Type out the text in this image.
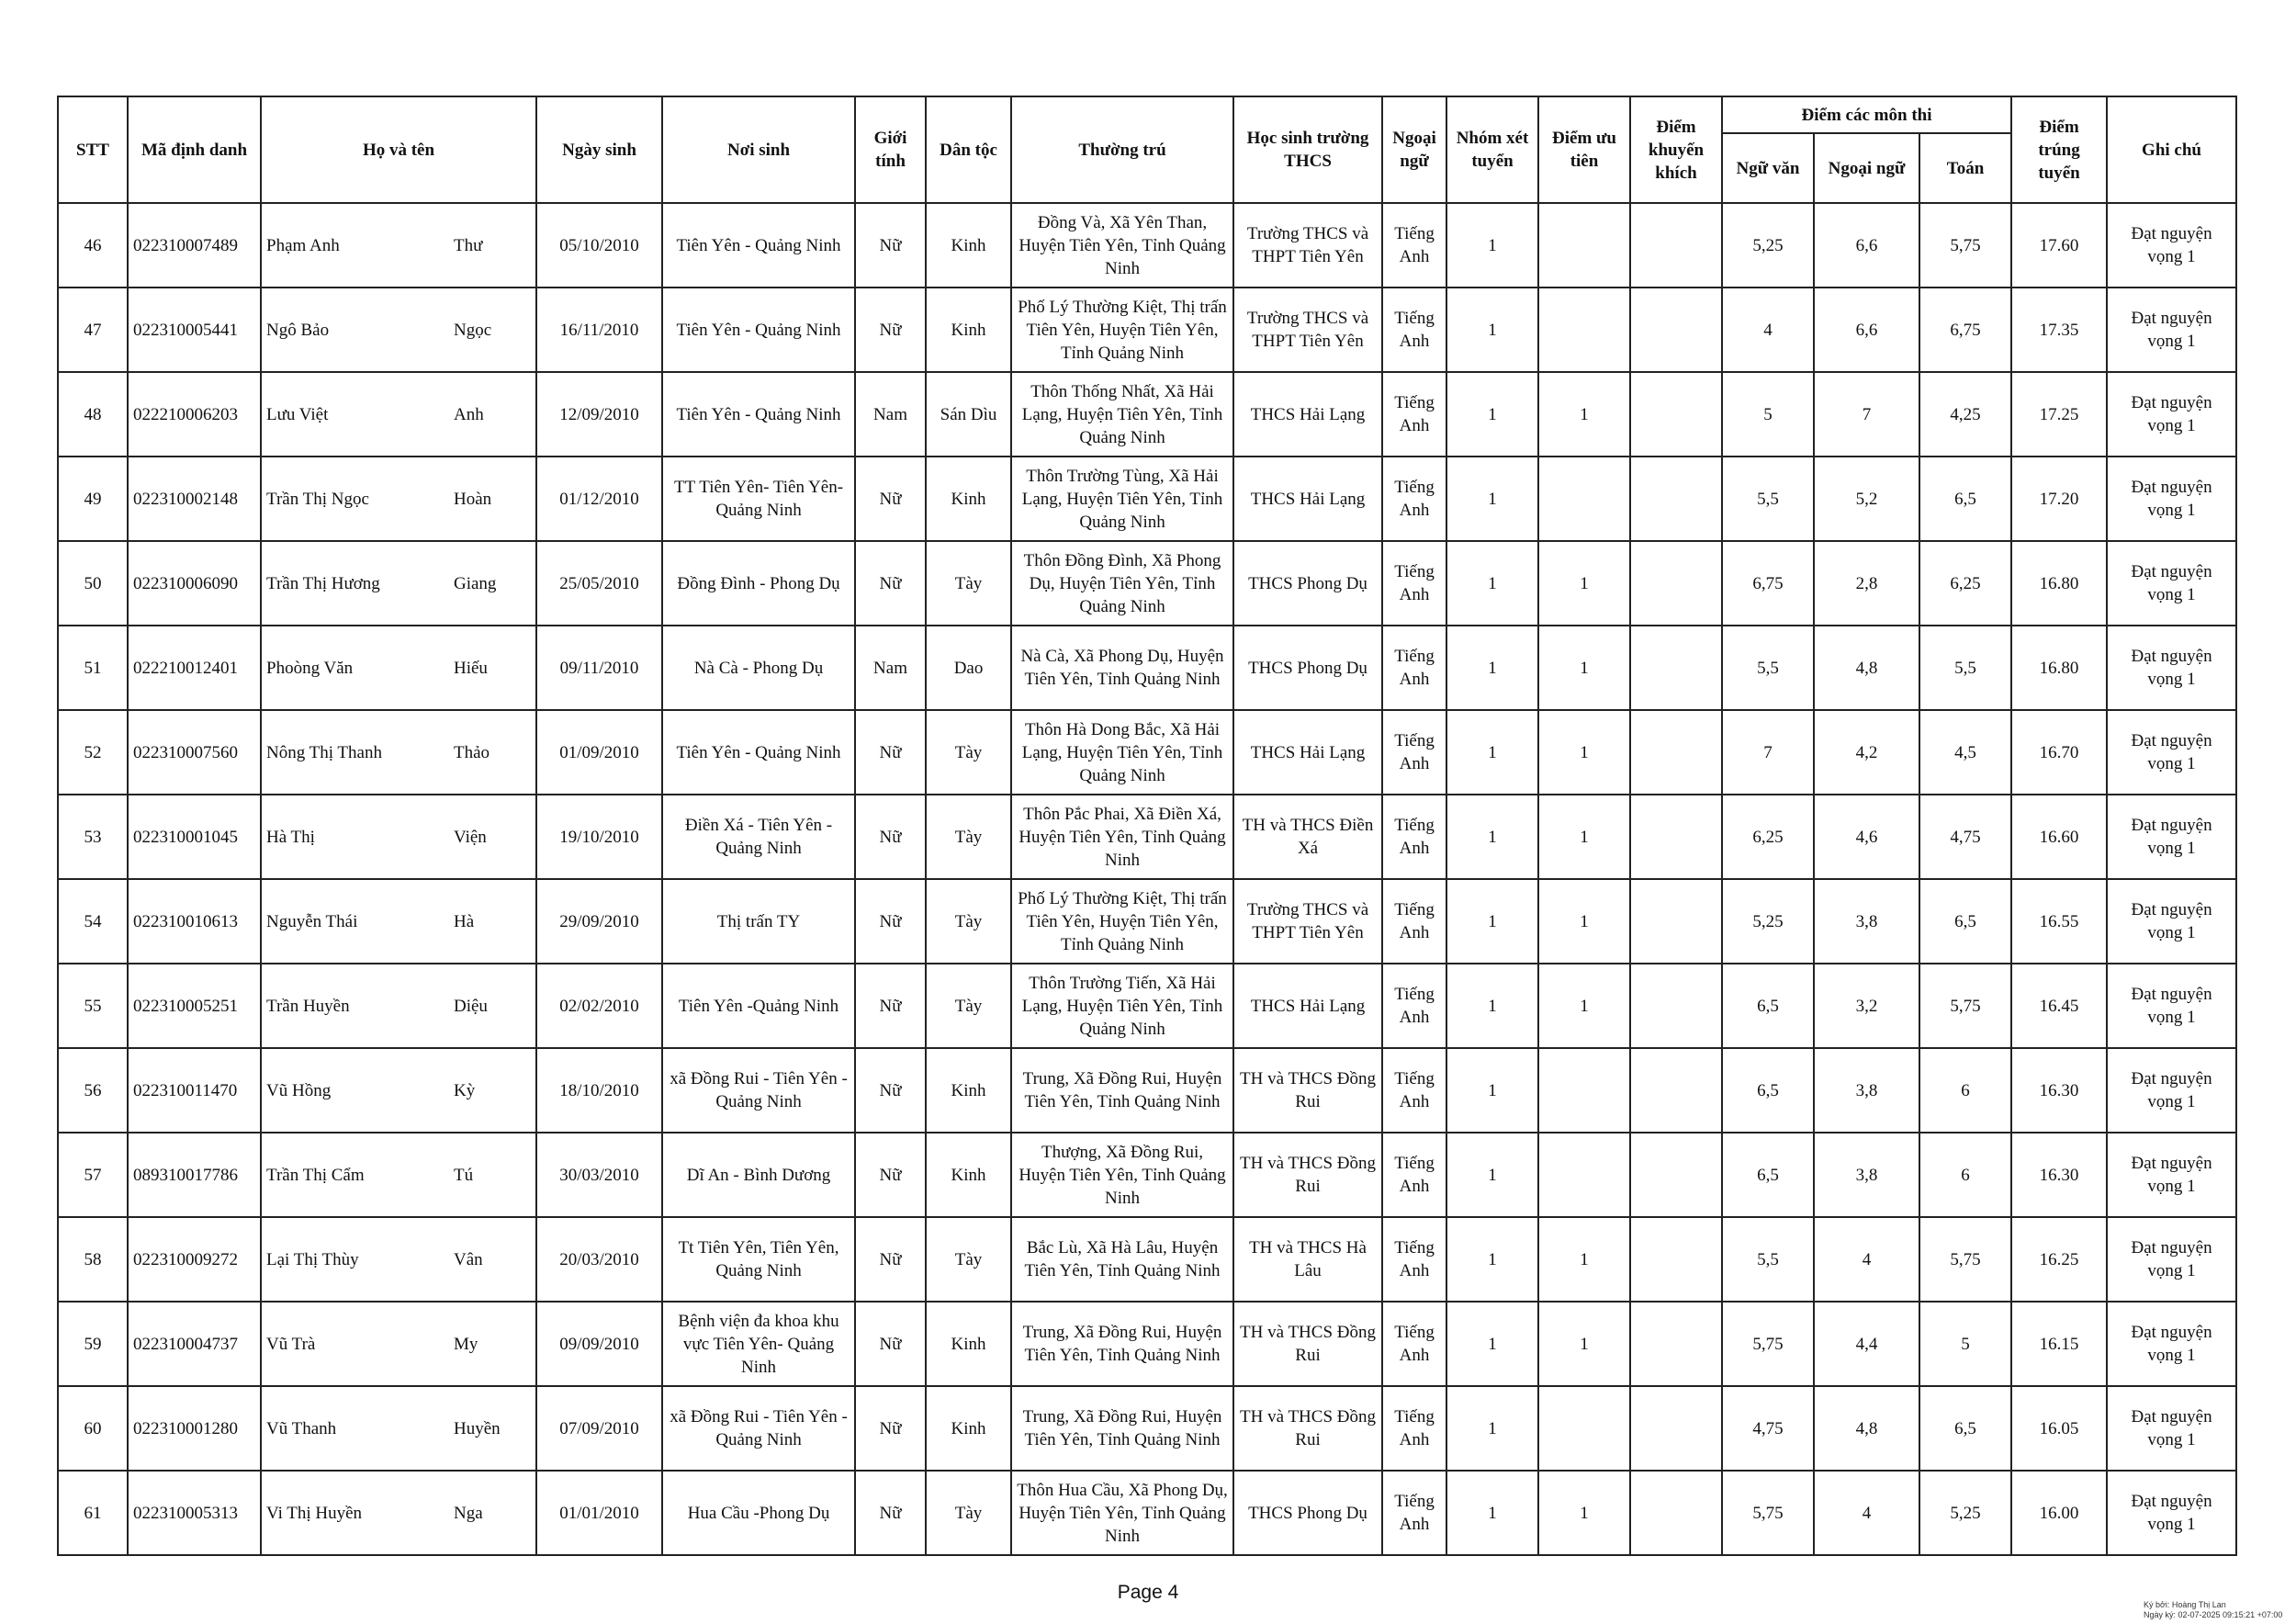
STT	Mã định danh	Họ và tên		Ngày sinh	Nơi sinh	Giới tính	Dân tộc	Thường trú	Học sinh trường THCS	Ngoại ngữ	Nhóm xét tuyển	Điểm ưu tiên	Điểm khuyến khích	Điểm các môn thi			Điểm trúng tuyển	Ghi chú
														Ngữ văn	Ngoại ngữ	Toán		
46	022310007489	Phạm Anh	Thư	05/10/2010	Tiên Yên - Quảng Ninh	Nữ	Kinh	Đồng Và, Xã Yên Than, Huyện Tiên Yên, Tỉnh Quảng Ninh	Trường THCS và THPT Tiên Yên	Tiếng Anh	1			5,25	6,6	5,75	17.60	Đạt nguyện vọng 1
47	022310005441	Ngô Bảo	Ngọc	16/11/2010	Tiên Yên - Quảng Ninh	Nữ	Kinh	Phố Lý Thường Kiệt, Thị trấn Tiên Yên, Huyện Tiên Yên, Tỉnh Quảng Ninh	Trường THCS và THPT Tiên Yên	Tiếng Anh	1			4	6,6	6,75	17.35	Đạt nguyện vọng 1
48	022210006203	Lưu Việt	Anh	12/09/2010	Tiên Yên - Quảng Ninh	Nam	Sán Dìu	Thôn Thống Nhất, Xã Hải Lạng, Huyện Tiên Yên, Tỉnh Quảng Ninh	THCS Hải Lạng	Tiếng Anh	1	1		5	7	4,25	17.25	Đạt nguyện vọng 1
49	022310002148	Trần Thị Ngọc	Hoàn	01/12/2010	TT Tiên Yên- Tiên Yên- Quảng Ninh	Nữ	Kinh	Thôn Trường Tùng, Xã Hải Lạng, Huyện Tiên Yên, Tỉnh Quảng Ninh	THCS Hải Lạng	Tiếng Anh	1			5,5	5,2	6,5	17.20	Đạt nguyện vọng 1
50	022310006090	Trần Thị Hương	Giang	25/05/2010	Đồng Đình - Phong Dụ	Nữ	Tày	Thôn Đồng Đình, Xã Phong Dụ, Huyện Tiên Yên, Tỉnh Quảng Ninh	THCS Phong Dụ	Tiếng Anh	1	1		6,75	2,8	6,25	16.80	Đạt nguyện vọng 1
51	022210012401	Phoòng Văn	Hiếu	09/11/2010	Nà Cà - Phong Dụ	Nam	Dao	Nà Cà, Xã Phong Dụ, Huyện Tiên Yên, Tỉnh Quảng Ninh	THCS Phong Dụ	Tiếng Anh	1	1		5,5	4,8	5,5	16.80	Đạt nguyện vọng 1
52	022310007560	Nông Thị Thanh	Thảo	01/09/2010	Tiên Yên - Quảng Ninh	Nữ	Tày	Thôn Hà Dong Bắc, Xã Hải Lạng, Huyện Tiên Yên, Tỉnh Quảng Ninh	THCS Hải Lạng	Tiếng Anh	1	1		7	4,2	4,5	16.70	Đạt nguyện vọng 1
53	022310001045	Hà Thị	Viện	19/10/2010	Điền Xá - Tiên Yên - Quảng Ninh	Nữ	Tày	Thôn Pắc Phai, Xã Điền Xá, Huyện Tiên Yên, Tỉnh Quảng Ninh	TH và THCS Điền Xá	Tiếng Anh	1	1		6,25	4,6	4,75	16.60	Đạt nguyện vọng 1
54	022310010613	Nguyễn Thái	Hà	29/09/2010	Thị trấn TY	Nữ	Tày	Phố Lý Thường Kiệt, Thị trấn Tiên Yên, Huyện Tiên Yên, Tỉnh Quảng Ninh	Trường THCS và THPT Tiên Yên	Tiếng Anh	1	1		5,25	3,8	6,5	16.55	Đạt nguyện vọng 1
55	022310005251	Trần Huyền	Diệu	02/02/2010	Tiên Yên -Quảng Ninh	Nữ	Tày	Thôn Trường Tiến, Xã Hải Lạng, Huyện Tiên Yên, Tỉnh Quảng Ninh	THCS Hải Lạng	Tiếng Anh	1	1		6,5	3,2	5,75	16.45	Đạt nguyện vọng 1
56	022310011470	Vũ Hồng	Kỳ	18/10/2010	xã Đồng Rui - Tiên Yên - Quảng Ninh	Nữ	Kinh	Trung, Xã Đồng Rui, Huyện Tiên Yên, Tỉnh Quảng Ninh	TH và THCS Đồng Rui	Tiếng Anh	1			6,5	3,8	6	16.30	Đạt nguyện vọng 1
57	089310017786	Trần Thị Cẩm	Tú	30/03/2010	Dĩ An - Bình Dương	Nữ	Kinh	Thượng, Xã Đồng Rui, Huyện Tiên Yên, Tỉnh Quảng Ninh	TH và THCS Đồng Rui	Tiếng Anh	1			6,5	3,8	6	16.30	Đạt nguyện vọng 1
58	022310009272	Lại Thị Thùy	Vân	20/03/2010	Tt Tiên Yên, Tiên Yên, Quảng Ninh	Nữ	Tày	Bắc Lù, Xã Hà Lâu, Huyện Tiên Yên, Tỉnh Quảng Ninh	TH và THCS Hà Lâu	Tiếng Anh	1	1		5,5	4	5,75	16.25	Đạt nguyện vọng 1
59	022310004737	Vũ Trà	My	09/09/2010	Bệnh viện đa khoa khu vực Tiên Yên- Quảng Ninh	Nữ	Kinh	Trung, Xã Đồng Rui, Huyện Tiên Yên, Tỉnh Quảng Ninh	TH và THCS Đồng Rui	Tiếng Anh	1	1		5,75	4,4	5	16.15	Đạt nguyện vọng 1
60	022310001280	Vũ Thanh	Huyền	07/09/2010	xã Đồng Rui - Tiên Yên - Quảng Ninh	Nữ	Kinh	Trung, Xã Đồng Rui, Huyện Tiên Yên, Tỉnh Quảng Ninh	TH và THCS Đồng Rui	Tiếng Anh	1			4,75	4,8	6,5	16.05	Đạt nguyện vọng 1
61	022310005313	Vi Thị Huyền	Nga	01/01/2010	Hua Cầu -Phong Dụ	Nữ	Tày	Thôn Hua Cầu, Xã Phong Dụ, Huyện Tiên Yên, Tỉnh Quảng Ninh	THCS Phong Dụ	Tiếng Anh	1	1		5,75	4	5,25	16.00	Đạt nguyện vọng 1
Page 4
Ký bởi: Hoàng Thị Lan
Ngày ký: 02-07-2025 09:15:21 +07:00
